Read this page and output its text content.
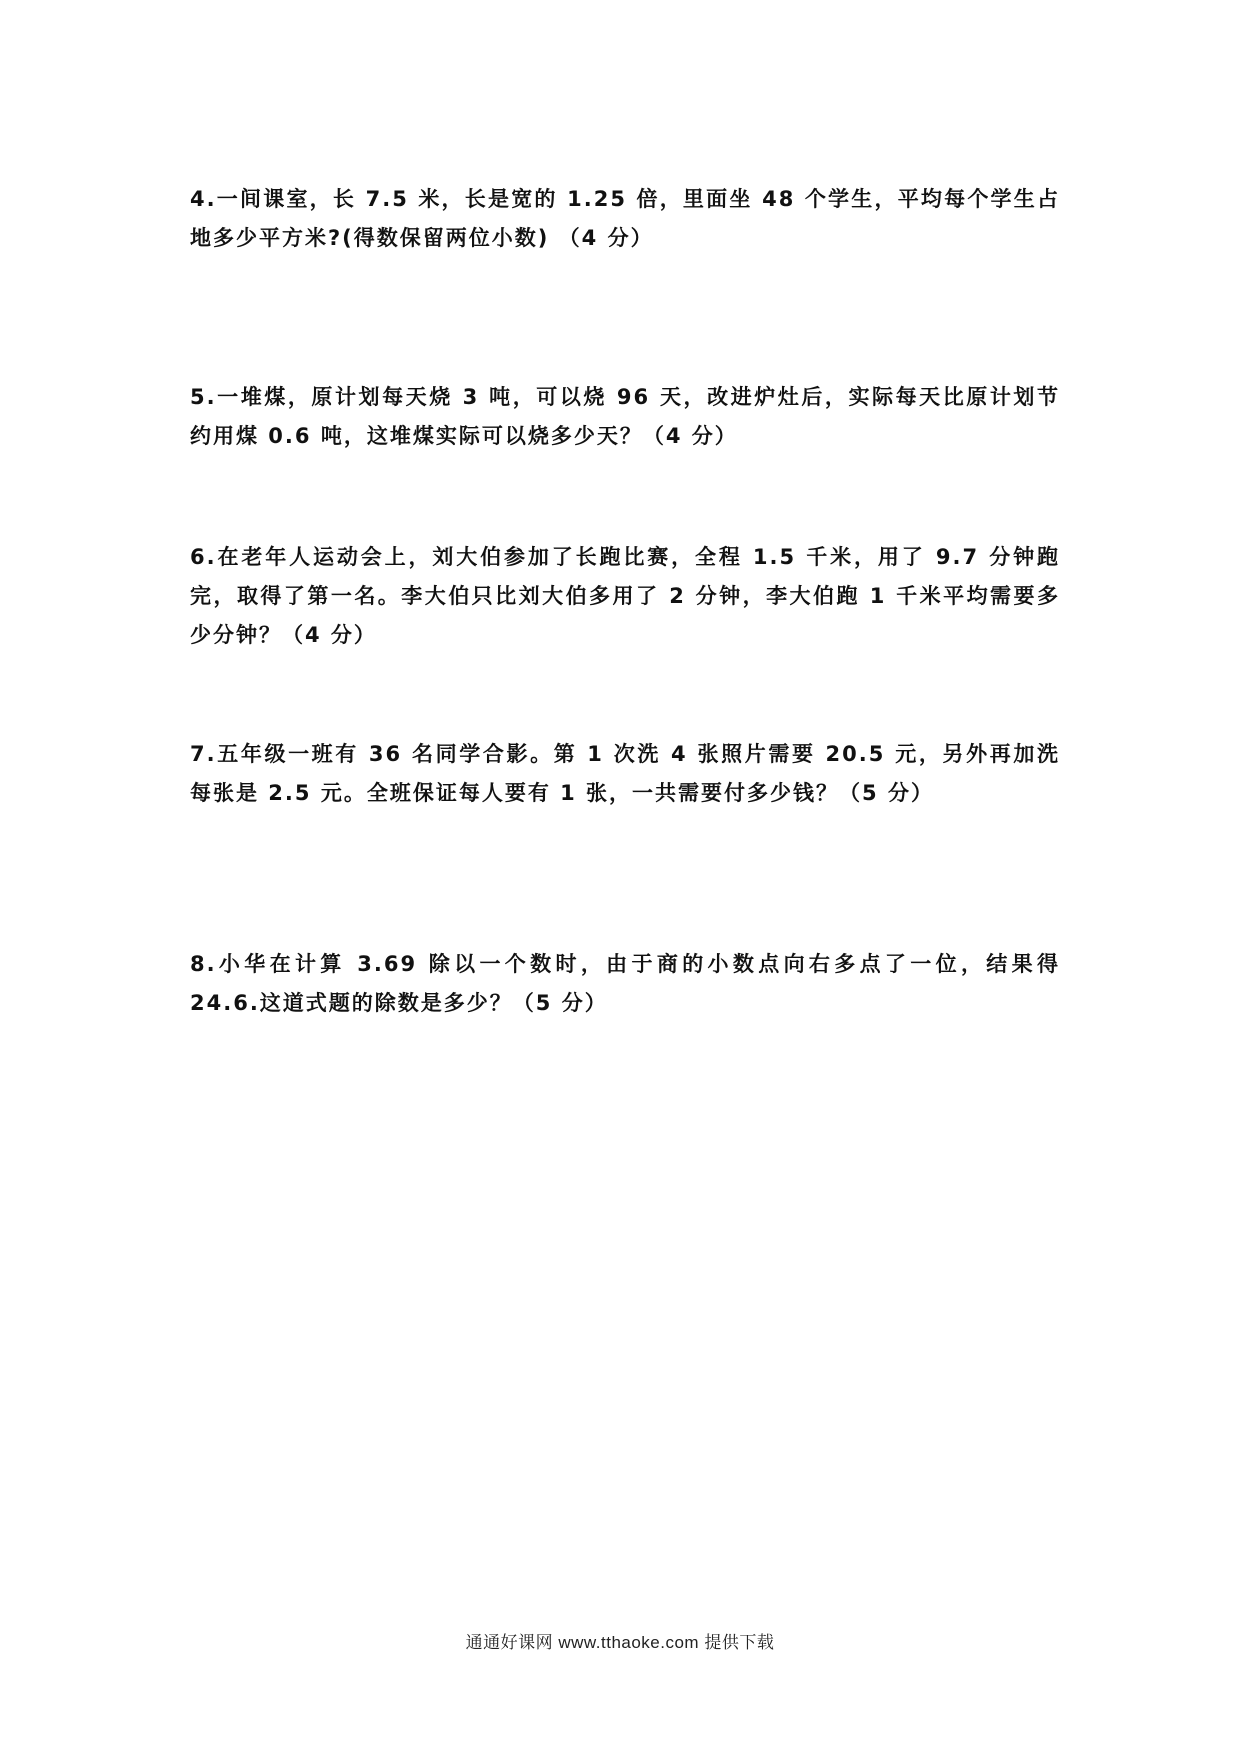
4.一间课室，长 7.5 米，长是宽的 1.25 倍，里面坐 48 个学生，平均每个学生占地多少平方米?(得数保留两位小数) （4 分）

5.一堆煤，原计划每天烧 3 吨，可以烧 96 天，改进炉灶后，实际每天比原计划节约用煤 0.6 吨，这堆煤实际可以烧多少天？（4 分）

6.在老年人运动会上，刘大伯参加了长跑比赛，全程 1.5 千米，用了 9.7 分钟跑完，取得了第一名。李大伯只比刘大伯多用了 2 分钟，李大伯跑 1 千米平均需要多少分钟？（4 分）

7.五年级一班有 36 名同学合影。第 1 次洗 4 张照片需要 20.5 元，另外再加洗每张是 2.5 元。全班保证每人要有 1 张，一共需要付多少钱？（5 分）

8.小华在计算 3.69 除以一个数时，由于商的小数点向右多点了一位，结果得 24.6.这道式题的除数是多少？（5 分）

通通好课网 www.tthaoke.com 提供下载
